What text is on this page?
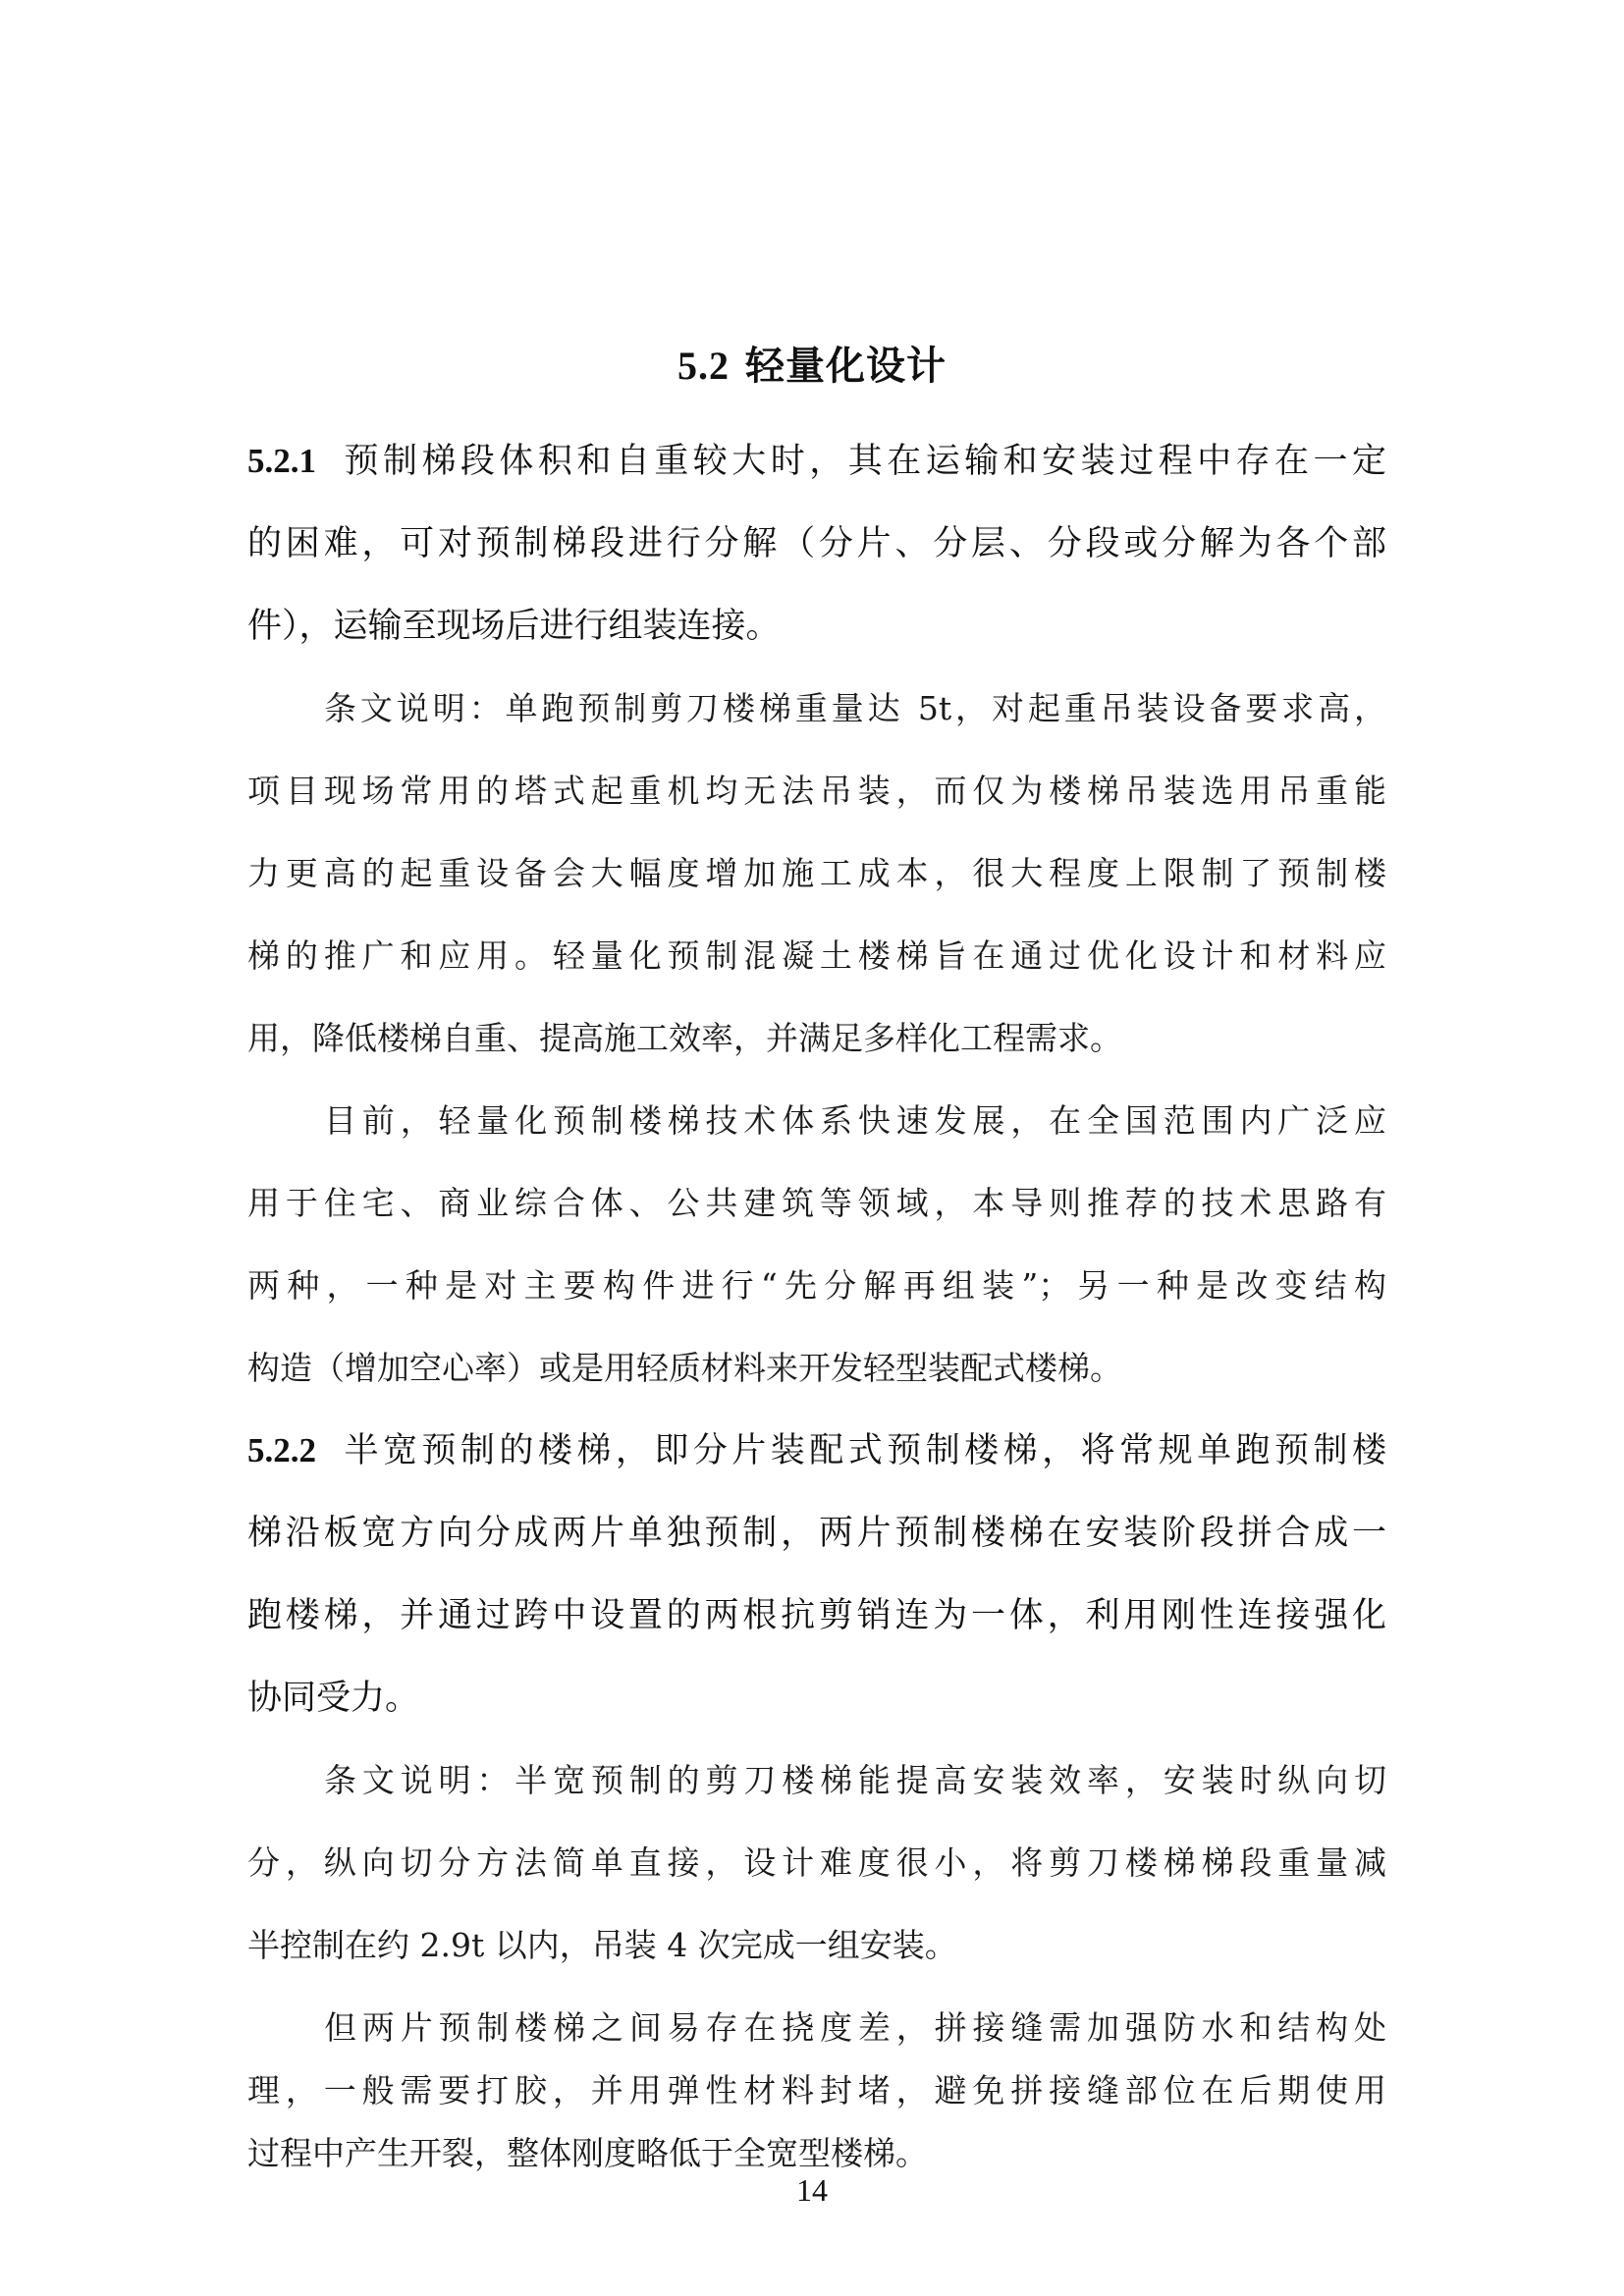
5.2 轻量化设计
5.2.1 预制梯段体积和自重较大时，其在运输和安装过程中存在一定
的困难，可对预制梯段进行分解（分片、分层、分段或分解为各个部
件），运输至现场后进行组装连接。
条文说明：单跑预制剪刀楼梯重量达 5t，对起重吊装设备要求高，
项目现场常用的塔式起重机均无法吊装，而仅为楼梯吊装选用吊重能
力更高的起重设备会大幅度增加施工成本，很大程度上限制了预制楼
梯的推广和应用。轻量化预制混凝土楼梯旨在通过优化设计和材料应
用，降低楼梯自重、提高施工效率，并满足多样化工程需求。
目前，轻量化预制楼梯技术体系快速发展，在全国范围内广泛应
用于住宅、商业综合体、公共建筑等领域，本导则推荐的技术思路有
两种，一种是对主要构件进行“先分解再组装”；另一种是改变结构
构造（增加空心率）或是用轻质材料来开发轻型装配式楼梯。
5.2.2 半宽预制的楼梯，即分片装配式预制楼梯，将常规单跑预制楼
梯沿板宽方向分成两片单独预制，两片预制楼梯在安装阶段拼合成一
跑楼梯，并通过跨中设置的两根抗剪销连为一体，利用刚性连接强化
协同受力。
条文说明：半宽预制的剪刀楼梯能提高安装效率，安装时纵向切
分，纵向切分方法简单直接，设计难度很小，将剪刀楼梯梯段重量减
半控制在约 2.9t 以内，吊装 4 次完成一组安装。
但两片预制楼梯之间易存在挠度差，拼接缝需加强防水和结构处
理，一般需要打胶，并用弹性材料封堵，避免拼接缝部位在后期使用
过程中产生开裂，整体刚度略低于全宽型楼梯。
14
